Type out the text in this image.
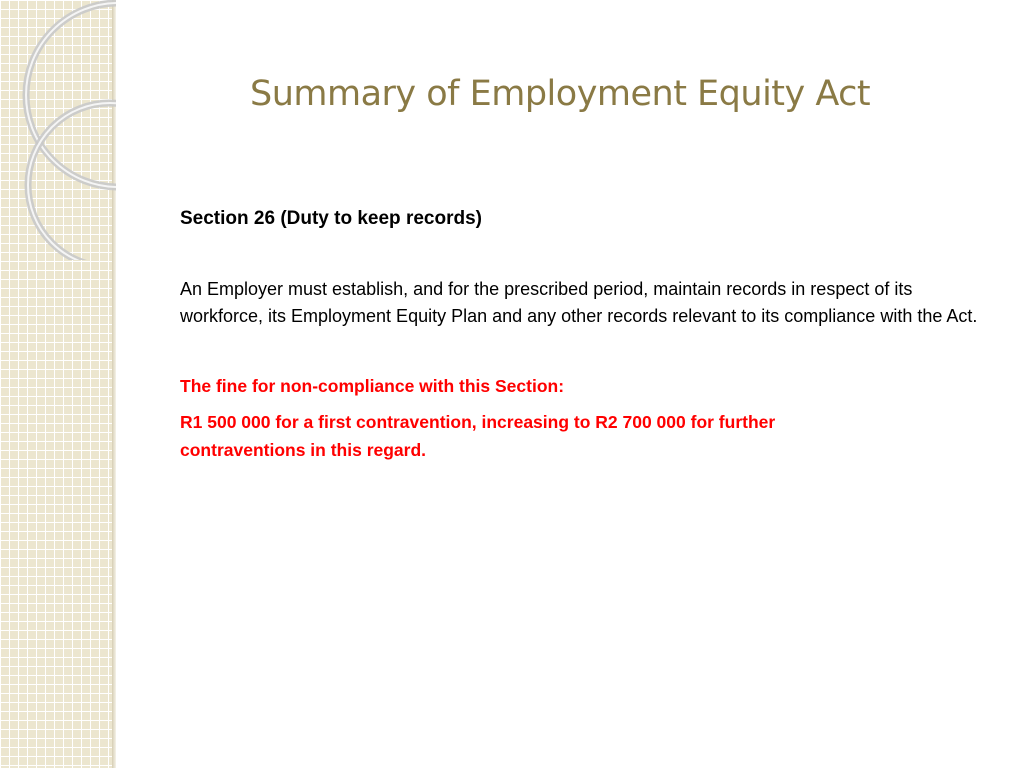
Summary of Employment Equity Act

Section 26 (Duty to keep records)

An Employer must establish, and for the prescribed period, maintain records in respect of its workforce, its Employment Equity Plan and any other records relevant to its compliance with the Act.

The fine for non-compliance with this Section:

R1 500 000 for a first contravention, increasing to R2 700 000 for further contraventions in this regard.
